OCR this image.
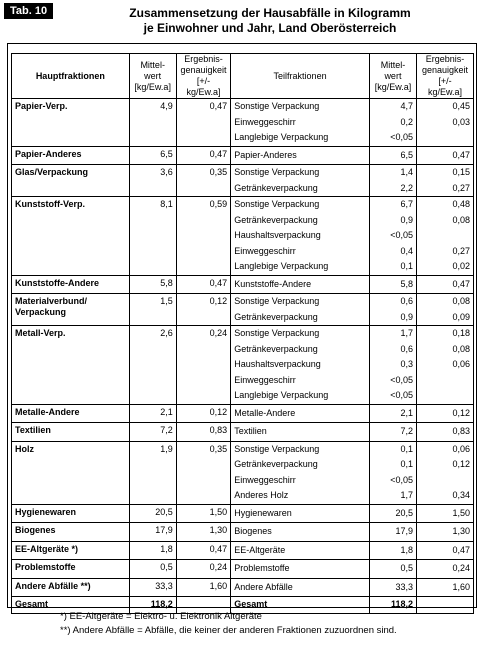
Tab. 10	Zusammensetzung der Hausabfälle in Kilogramm
je Einwohner und Jahr, Land Oberösterreich
Hauptfraktionen	Mittel-
wert
[kg/Ew.a]	Ergebnis-
genauigkeit
[+/-
kg/Ew.a]	Teilfraktionen	Mittel-
wert
[kg/Ew.a]	Ergebnis-
genauigkeit
[+/-
kg/Ew.a]
Papier-Verp.	4,9	0,47	Sonstige Verpackung	4,7	0,45
			Einweggeschirr	0,2	0,03
			Langlebige Verpackung	<0,05	
Papier-Anderes	6,5	0,47	Papier-Anderes	6,5	0,47
Glas/Verpackung	3,6	0,35	Sonstige Verpackung	1,4	0,15
			Getränkeverpackung	2,2	0,27
Kunststoff-Verp.	8,1	0,59	Sonstige Verpackung	6,7	0,48
			Getränkeverpackung	0,9	0,08
			Haushaltsverpackung	<0,05	
			Einweggeschirr	0,4	0,27
			Langlebige Verpackung	0,1	0,02
Kunststoffe-Andere	5,8	0,47	Kunststoffe-Andere	5,8	0,47
Materialverbund/
Verpackung	1,5	0,12	Sonstige Verpackung	0,6	0,08
			Getränkeverpackung	0,9	0,09
Metall-Verp.	2,6	0,24	Sonstige Verpackung	1,7	0,18
			Getränkeverpackung	0,6	0,08
			Haushaltsverpackung	0,3	0,06
			Einweggeschirr	<0,05	
			Langlebige Verpackung	<0,05	
Metalle-Andere	2,1	0,12	Metalle-Andere	2,1	0,12
Textilien	7,2	0,83	Textilien	7,2	0,83
Holz	1,9	0,35	Sonstige Verpackung	0,1	0,06
			Getränkeverpackung	0,1	0,12
			Einweggeschirr	<0,05	
			Anderes Holz	1,7	0,34
Hygienewaren	20,5	1,50	Hygienewaren	20,5	1,50
Biogenes	17,9	1,30	Biogenes	17,9	1,30
EE-Altgeräte *)	1,8	0,47	EE-Altgeräte	1,8	0,47
Problemstoffe	0,5	0,24	Problemstoffe	0,5	0,24
Andere Abfälle **)	33,3	1,60	Andere Abfälle	33,3	1,60
Gesamt	118,2		Gesamt	118,2	
*) EE-Altgeräte = Elektro- u. Elektronik Altgeräte
**) Andere Abfälle = Abfälle, die keiner der anderen Fraktionen zuzuordnen sind.
